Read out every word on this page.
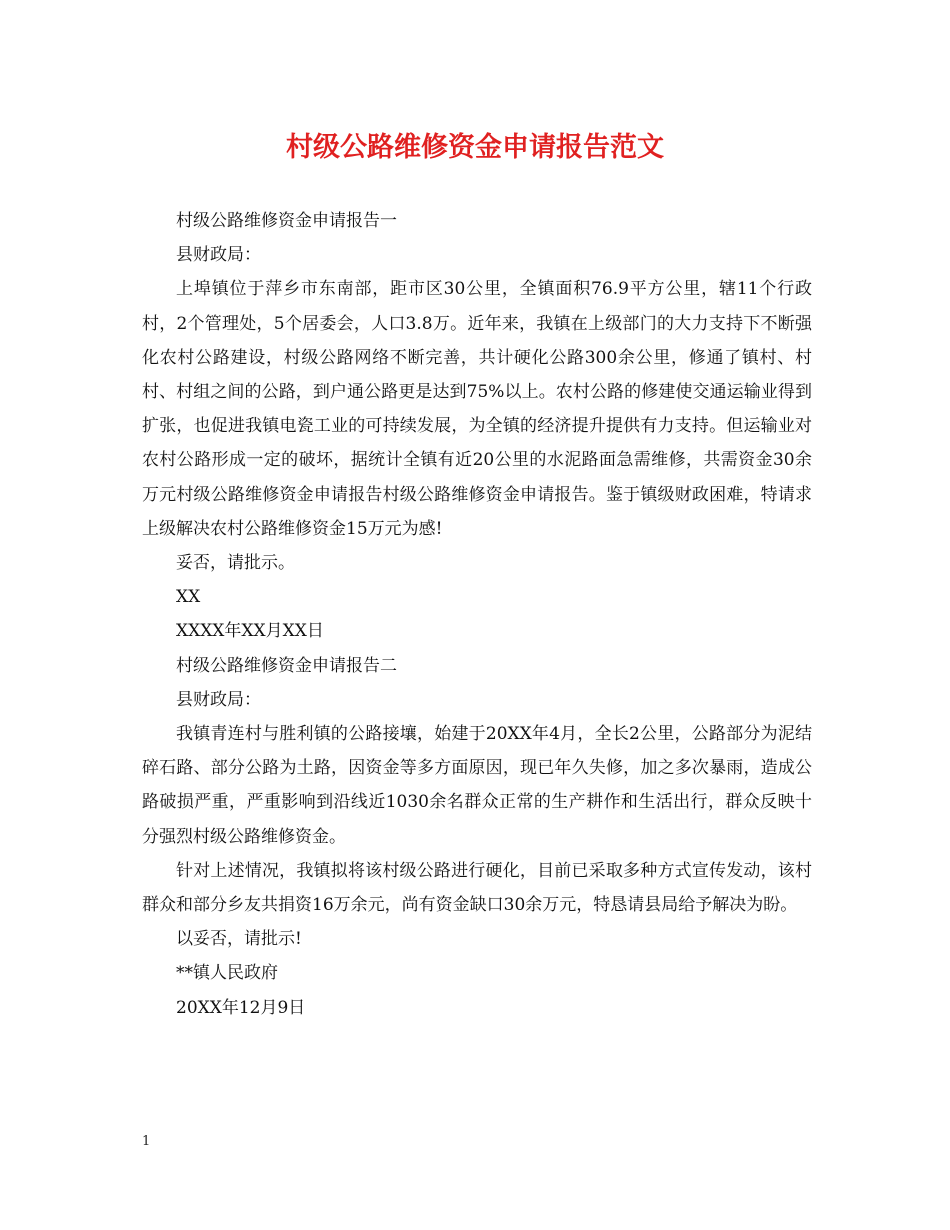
村级公路维修资金申请报告范文

村级公路维修资金申请报告一

县财政局：

上埠镇位于萍乡市东南部，距市区30公里，全镇面积76.9平方公里，辖11个行政村，2个管理处，5个居委会，人口3.8万。近年来，我镇在上级部门的大力支持下不断强化农村公路建设，村级公路网络不断完善，共计硬化公路300余公里，修通了镇村、村村、村组之间的公路，到户通公路更是达到75%以上。农村公路的修建使交通运输业得到扩张，也促进我镇电瓷工业的可持续发展，为全镇的经济提升提供有力支持。但运输业对农村公路形成一定的破坏，据统计全镇有近20公里的水泥路面急需维修，共需资金30余万元村级公路维修资金申请报告村级公路维修资金申请报告。鉴于镇级财政困难，特请求上级解决农村公路维修资金15万元为感!

妥否，请批示。

XX

XXXX年XX月XX日

村级公路维修资金申请报告二

县财政局：

我镇青连村与胜利镇的公路接壤，始建于20XX年4月，全长2公里，公路部分为泥结碎石路、部分公路为土路，因资金等多方面原因，现已年久失修，加之多次暴雨，造成公路破损严重，严重影响到沿线近1030余名群众正常的生产耕作和生活出行，群众反映十分强烈村级公路维修资金。

针对上述情况，我镇拟将该村级公路进行硬化，目前已采取多种方式宣传发动，该村群众和部分乡友共捐资16万余元，尚有资金缺口30余万元，特恳请县局给予解决为盼。

以妥否，请批示!

**镇人民政府

20XX年12月9日

1
